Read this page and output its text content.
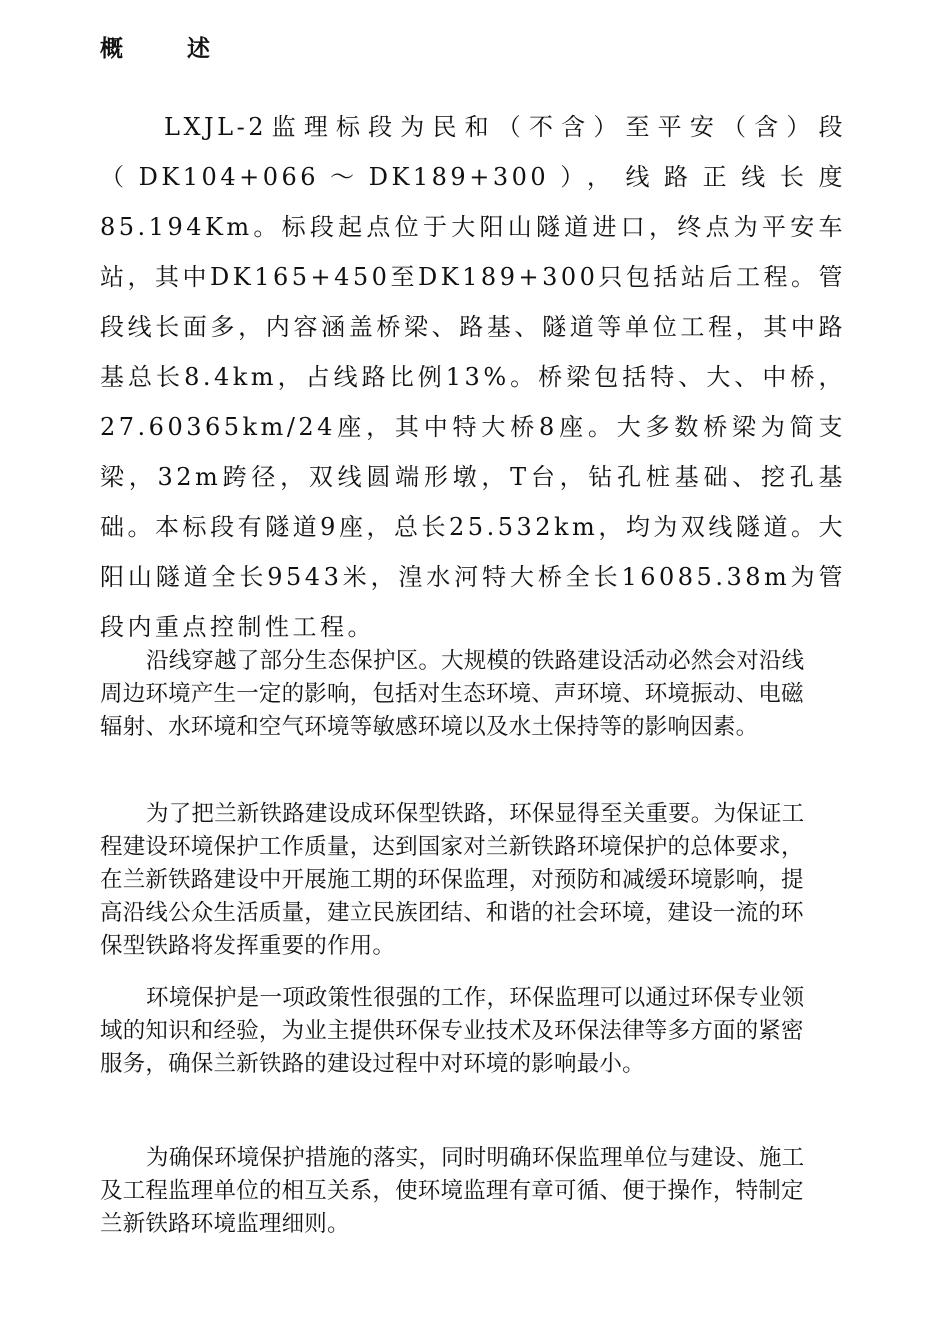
概 述

LXJL-2监理标段为民和（不含）至平安（含）段（DK104+066～DK189+300），线路正线长度85.194Km。标段起点位于大阳山隧道进口，终点为平安车站，其中DK165+450至DK189+300只包括站后工程。管段线长面多，内容涵盖桥梁、路基、隧道等单位工程，其中路基总长8.4km，占线路比例13%。桥梁包括特、大、中桥，27.60365km/24座，其中特大桥8座。大多数桥梁为简支梁，32m跨径，双线圆端形墩，T台，钻孔桩基础、挖孔基础。本标段有隧道9座，总长25.532km，均为双线隧道。大阳山隧道全长9543米，湟水河特大桥全长16085.38m为管段内重点控制性工程。

沿线穿越了部分生态保护区。大规模的铁路建设活动必然会对沿线周边环境产生一定的影响，包括对生态环境、声环境、环境振动、电磁辐射、水环境和空气环境等敏感环境以及水土保持等的影响因素。

为了把兰新铁路建设成环保型铁路，环保显得至关重要。为保证工程建设环境保护工作质量，达到国家对兰新铁路环境保护的总体要求，在兰新铁路建设中开展施工期的环保监理，对预防和减缓环境影响，提高沿线公众生活质量，建立民族团结、和谐的社会环境，建设一流的环保型铁路将发挥重要的作用。

环境保护是一项政策性很强的工作，环保监理可以通过环保专业领域的知识和经验，为业主提供环保专业技术及环保法律等多方面的紧密服务，确保兰新铁路的建设过程中对环境的影响最小。

为确保环境保护措施的落实，同时明确环保监理单位与建设、施工及工程监理单位的相互关系，使环境监理有章可循、便于操作，特制定兰新铁路环境监理细则。
